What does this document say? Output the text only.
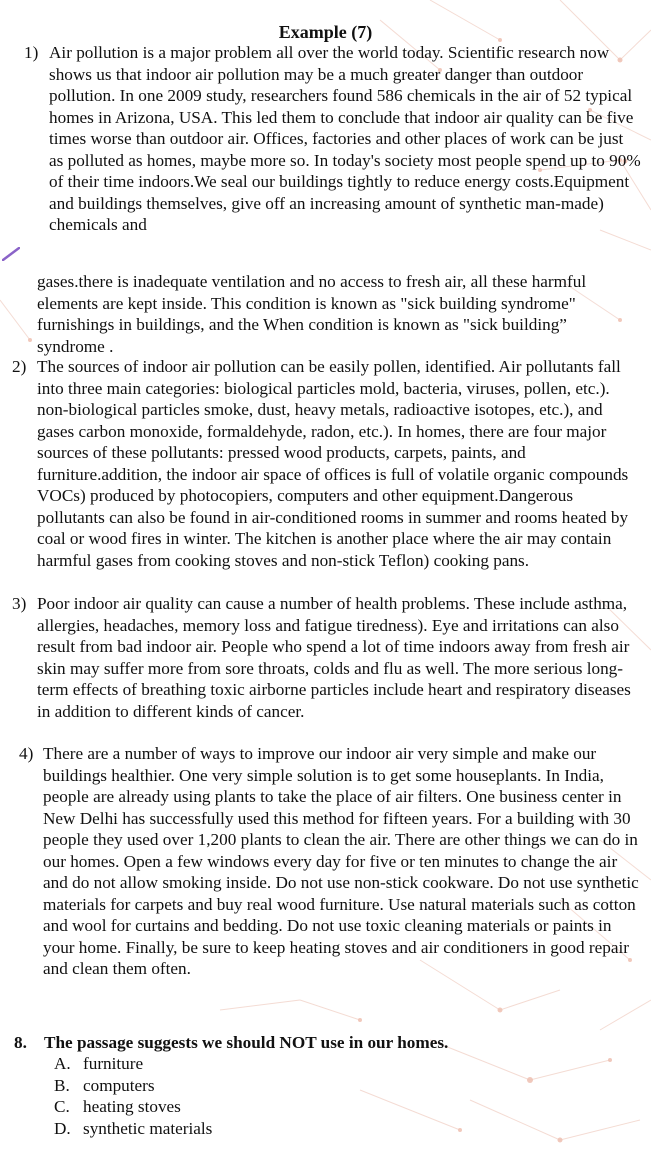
Example (7)
1) Air pollution is a major problem all over the world today. Scientific research now shows us that indoor air pollution may be a much greater danger than outdoor pollution. In one 2009 study, researchers found 586 chemicals in the air of 52 typical homes in Arizona, USA. This led them to conclude that indoor air quality can be five times worse than outdoor air. Offices, factories and other places of work can be just as polluted as homes, maybe more so. In today's society most people spend up to 90% of their time indoors.We seal our buildings tightly to reduce energy costs.Equipment and buildings themselves, give off an increasing amount of synthetic man-made) chemicals and
gases.there is inadequate ventilation and no access to fresh air, all these harmful elements are kept inside. This condition is known as "sick building syndrome" furnishings in buildings, and the When condition is known as "sick building” syndrome .
2) The sources of indoor air pollution can be easily pollen, identified. Air pollutants fall into three main categories: biological particles mold, bacteria, viruses, pollen, etc.). non-biological particles smoke, dust, heavy metals, radioactive isotopes, etc.), and gases carbon monoxide, formaldehyde, radon, etc.). In homes, there are four major sources of these pollutants: pressed wood products, carpets, paints, and furniture.addition, the indoor air space of offices is full of volatile organic compounds VOCs) produced by photocopiers, computers and other equipment.Dangerous pollutants can also be found in air-conditioned rooms in summer and rooms heated by coal or wood fires in winter. The kitchen is another place where the air may contain harmful gases from cooking stoves and non-stick Teflon) cooking pans.
3) Poor indoor air quality can cause a number of health problems. These include asthma, allergies, headaches, memory loss and fatigue tiredness). Eye and irritations can also result from bad indoor air. People who spend a lot of time indoors away from fresh air skin may suffer more from sore throats, colds and flu as well. The more serious long-term effects of breathing toxic airborne particles include heart and respiratory diseases in addition to different kinds of cancer.
4) There are a number of ways to improve our indoor air very simple and make our buildings healthier. One very simple solution is to get some houseplants. In India, people are already using plants to take the place of air filters. One business center in New Delhi has successfully used this method for fifteen years. For a building with 30 people they used over 1,200 plants to clean the air. There are other things we can do in our homes. Open a few windows every day for five or ten minutes to change the air and do not allow smoking inside. Do not use non-stick cookware. Do not use synthetic materials for carpets and buy real wood furniture. Use natural materials such as cotton and wool for curtains and bedding. Do not use toxic cleaning materials or paints in your home. Finally, be sure to keep heating stoves and air conditioners in good repair and clean them often.
8. The passage suggests we should NOT use in our homes.
A. furniture
B. computers
C. heating stoves
D. synthetic materials
